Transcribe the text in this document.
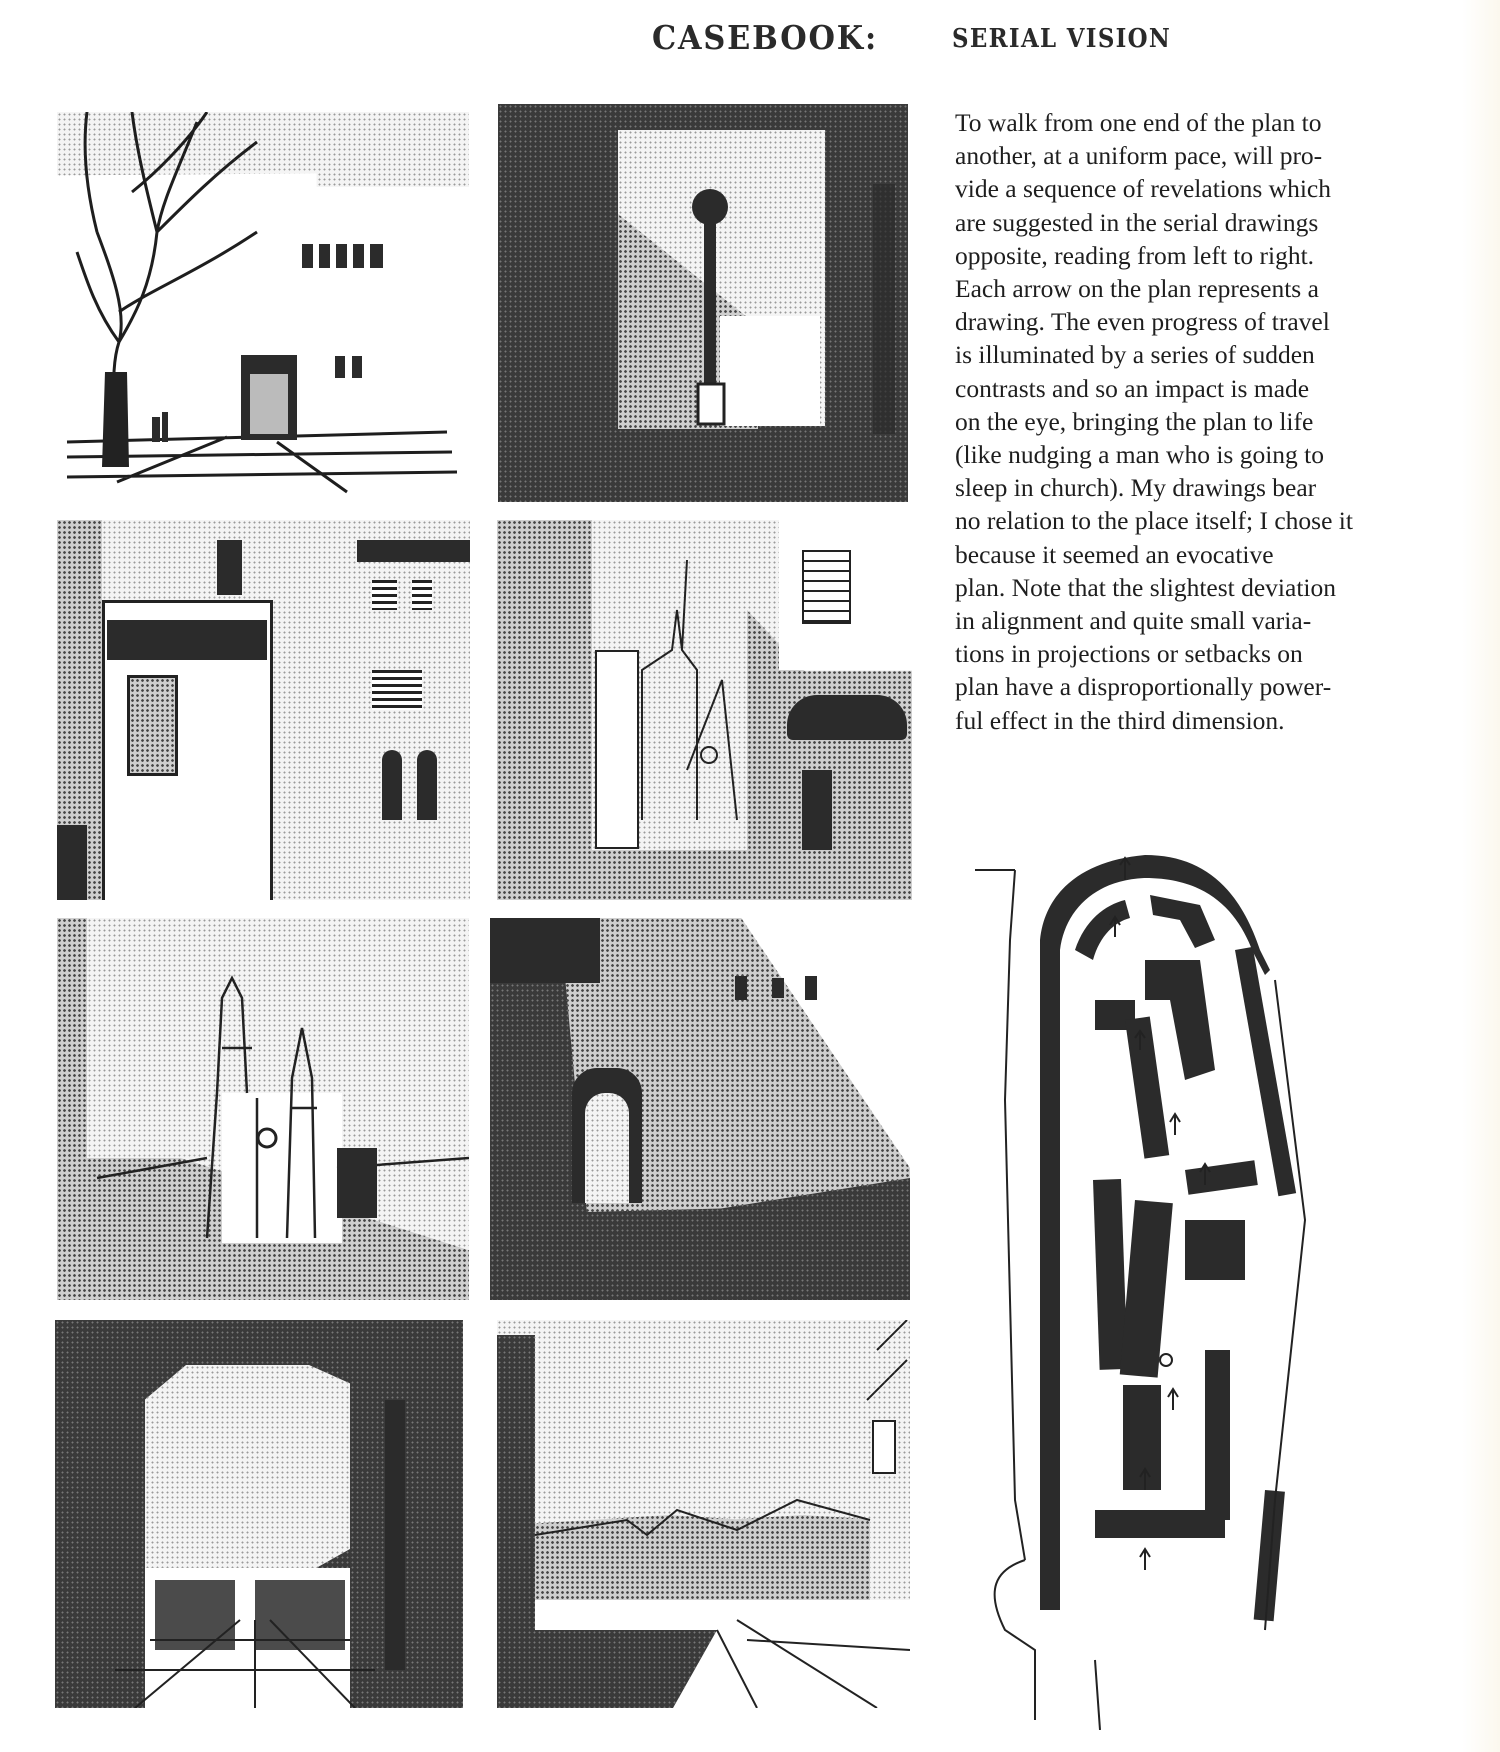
CASEBOOK:	SERIAL VISION
To walk from one end of the plan to
another, at a uniform pace, will pro-
vide a sequence of revelations which
are suggested in the serial drawings
opposite, reading from left to right.
Each arrow on the plan represents a
drawing. The even progress of travel
is illuminated by a series of sudden
contrasts and so an impact is made
on the eye, bringing the plan to life
(like nudging a man who is going to
sleep in church). My drawings bear
no relation to the place itself; I chose it
because it seemed an evocative
plan. Note that the slightest deviation
in alignment and quite small varia-
tions in projections or setbacks on
plan have a disproportionally power-
ful effect in the third dimension.
